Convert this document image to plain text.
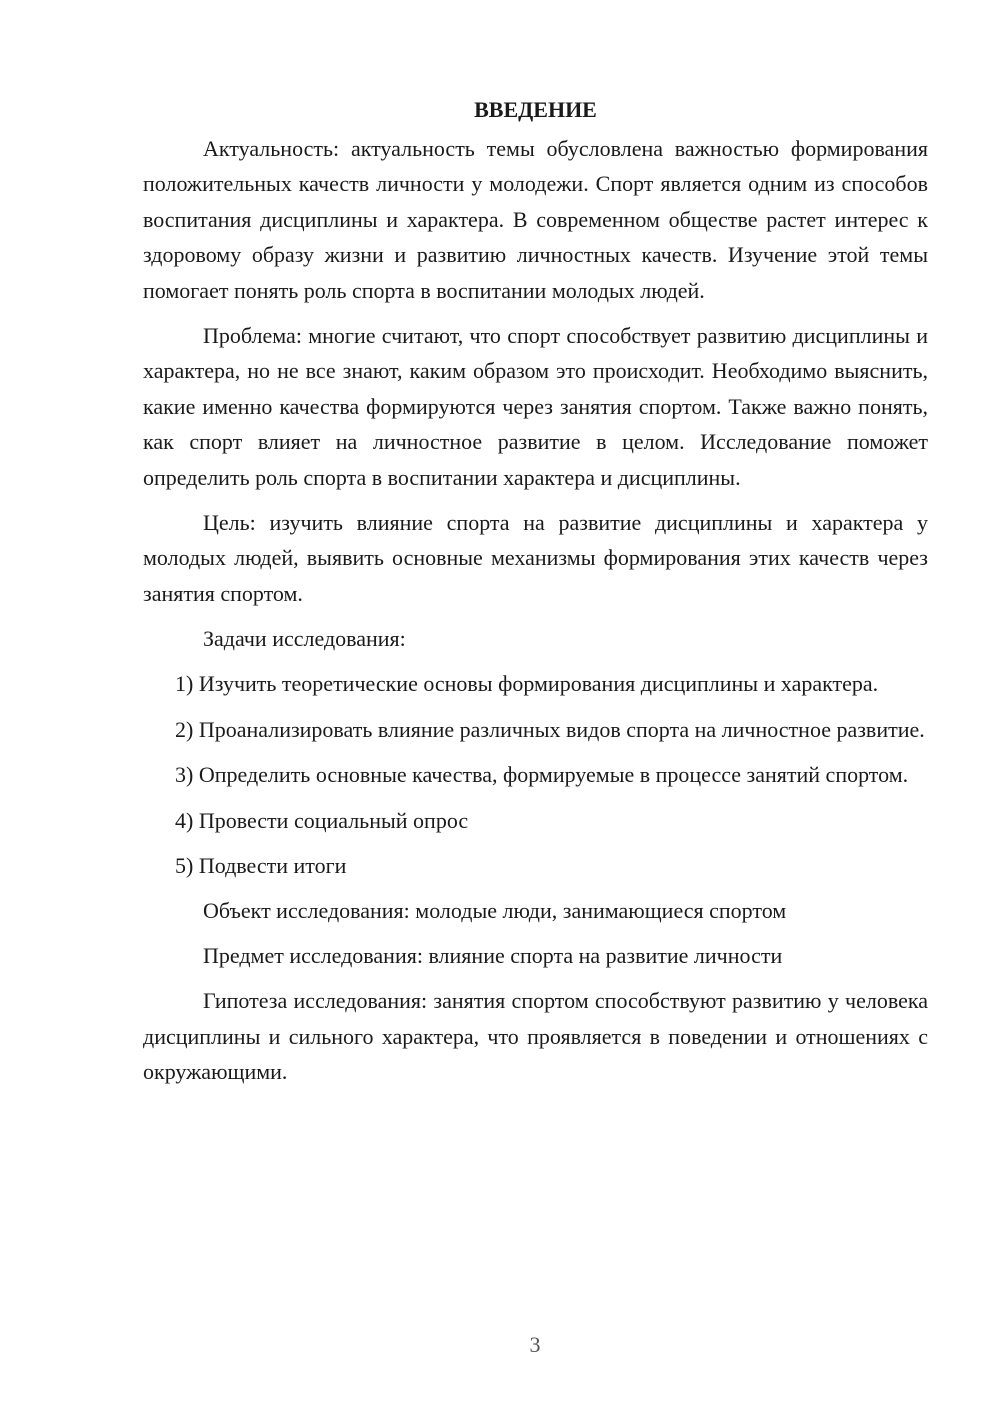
ВВЕДЕНИЕ

Актуальность: актуальность темы обусловлена важностью формирования положительных качеств личности у молодежи. Спорт является одним из способов воспитания дисциплины и характера. В современном обществе растет интерес к здоровому образу жизни и развитию личностных качеств. Изучение этой темы помогает понять роль спорта в воспитании молодых людей.

Проблема: многие считают, что спорт способствует развитию дисциплины и характера, но не все знают, каким образом это происходит. Необходимо выяснить, какие именно качества формируются через занятия спортом. Также важно понять, как спорт влияет на личностное развитие в целом. Исследование поможет определить роль спорта в воспитании характера и дисциплины.

Цель: изучить влияние спорта на развитие дисциплины и характера у молодых людей, выявить основные механизмы формирования этих качеств через занятия спортом.

Задачи исследования:

1) Изучить теоретические основы формирования дисциплины и характера.

2) Проанализировать влияние различных видов спорта на личностное развитие.

3) Определить основные качества, формируемые в процессе занятий спортом.

4) Провести социальный опрос

5) Подвести итоги

Объект исследования: молодые люди, занимающиеся спортом

Предмет исследования: влияние спорта на развитие личности

Гипотеза исследования: занятия спортом способствуют развитию у человека дисциплины и сильного характера, что проявляется в поведении и отношениях с окружающими.

3
